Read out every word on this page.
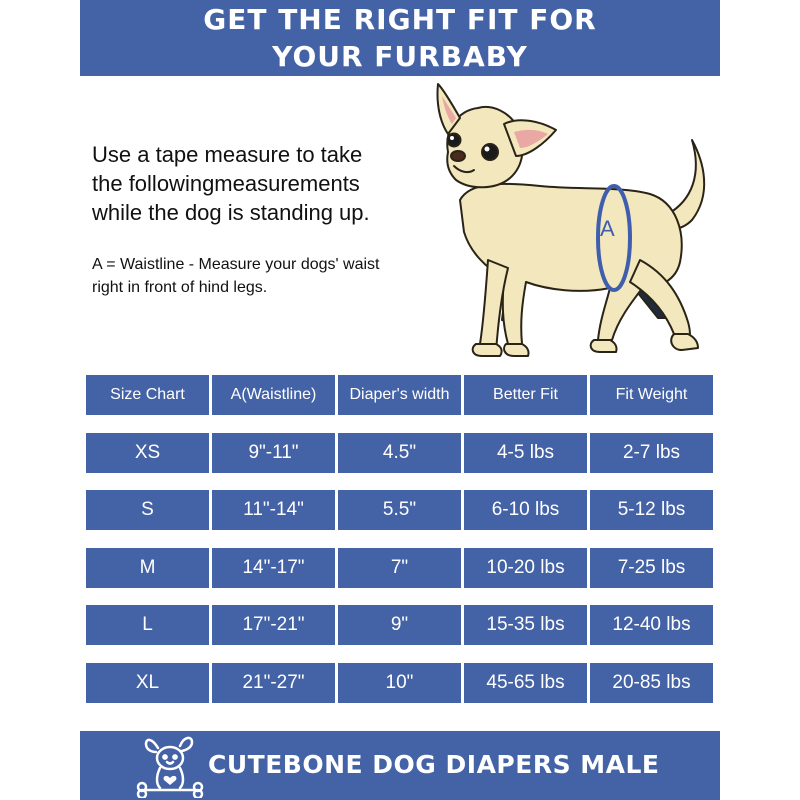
GET THE RIGHT FIT FOR
YOUR FURBABY

Use a tape measure to take

the followingmeasurements

while the dog is standing up.

A = Waistline - Measure your dogs' waist
right in front of hind legs.
A
Size Chart	A(Waistline)	Diaper's width	Better Fit	Fit Weight
XS	9"-11"	4.5"	4-5 lbs	2-7 lbs
S	11"-14"	5.5"	6-10 lbs	5-12 lbs
M	14"-17"	7"	10-20 lbs	7-25 lbs
L	17"-21"	9"	15-35 lbs	12-40 lbs
XL	21"-27"	10"	45-65 lbs	20-85 lbs
CUTEBONE DOG DIAPERS MALE
